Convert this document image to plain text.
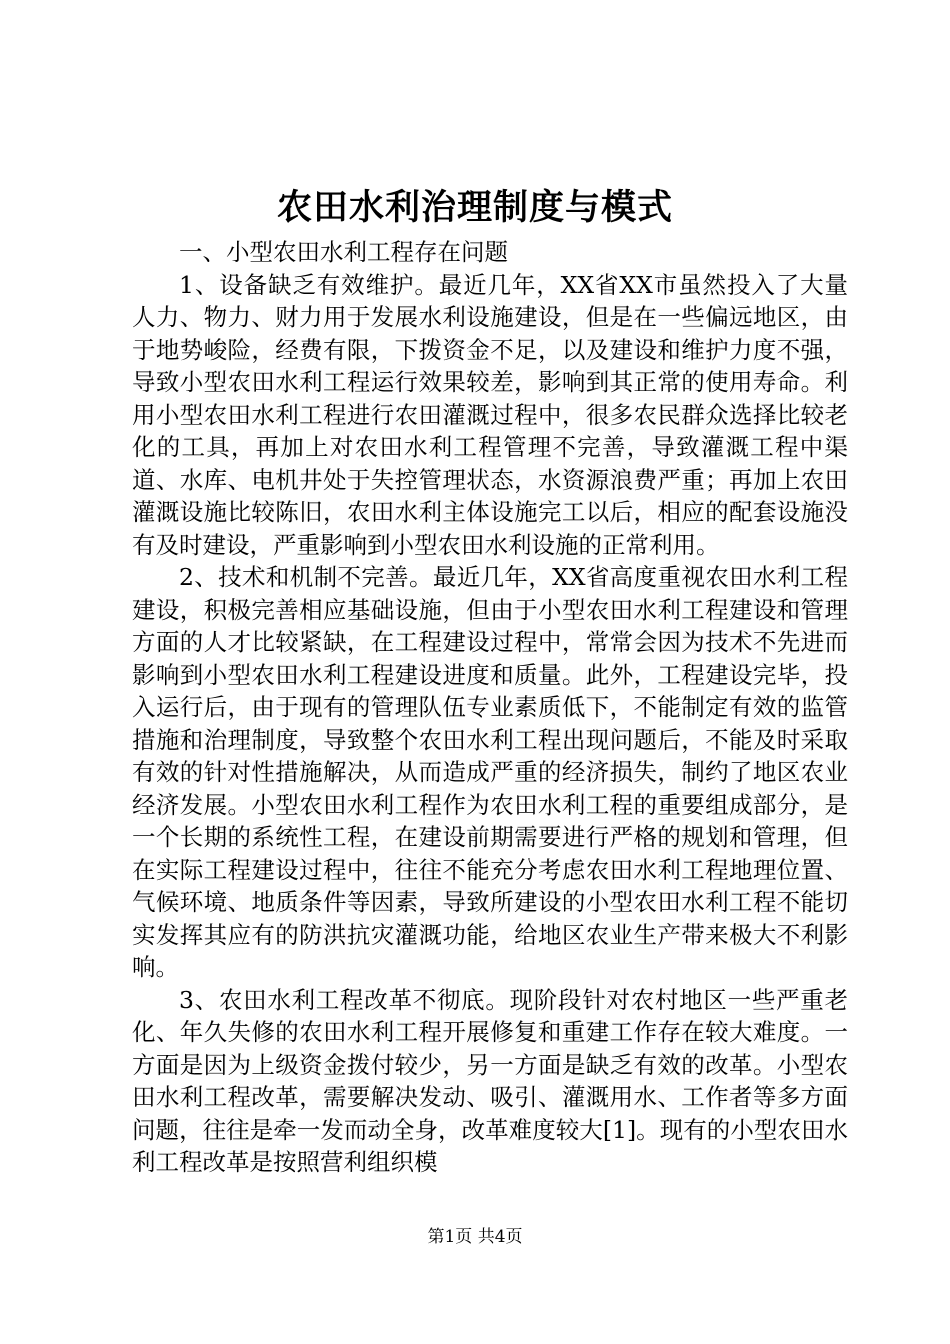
农田水利治理制度与模式

一、小型农田水利工程存在问题

1、设备缺乏有效维护。最近几年，XX省XX市虽然投入了大量人力、物力、财力用于发展水利设施建设，但是在一些偏远地区，由于地势峻险，经费有限，下拨资金不足，以及建设和维护力度不强，导致小型农田水利工程运行效果较差，影响到其正常的使用寿命。利用小型农田水利工程进行农田灌溉过程中，很多农民群众选择比较老化的工具，再加上对农田水利工程管理不完善，导致灌溉工程中渠道、水库、电机井处于失控管理状态，水资源浪费严重；再加上农田灌溉设施比较陈旧，农田水利主体设施完工以后，相应的配套设施没有及时建设，严重影响到小型农田水利设施的正常利用。

2、技术和机制不完善。最近几年，XX省高度重视农田水利工程建设，积极完善相应基础设施，但由于小型农田水利工程建设和管理方面的人才比较紧缺，在工程建设过程中，常常会因为技术不先进而影响到小型农田水利工程建设进度和质量。此外，工程建设完毕，投入运行后，由于现有的管理队伍专业素质低下，不能制定有效的监管措施和治理制度，导致整个农田水利工程出现问题后，不能及时采取有效的针对性措施解决，从而造成严重的经济损失，制约了地区农业经济发展。小型农田水利工程作为农田水利工程的重要组成部分，是一个长期的系统性工程，在建设前期需要进行严格的规划和管理，但在实际工程建设过程中，往往不能充分考虑农田水利工程地理位置、气候环境、地质条件等因素，导致所建设的小型农田水利工程不能切实发挥其应有的防洪抗灾灌溉功能，给地区农业生产带来极大不利影响。

3、农田水利工程改革不彻底。现阶段针对农村地区一些严重老化、年久失修的农田水利工程开展修复和重建工作存在较大难度。一方面是因为上级资金拨付较少，另一方面是缺乏有效的改革。小型农田水利工程改革，需要解决发动、吸引、灌溉用水、工作者等多方面问题，往往是牵一发而动全身，改革难度较大[1]。现有的小型农田水利工程改革是按照营利组织模

第1页 共4页
